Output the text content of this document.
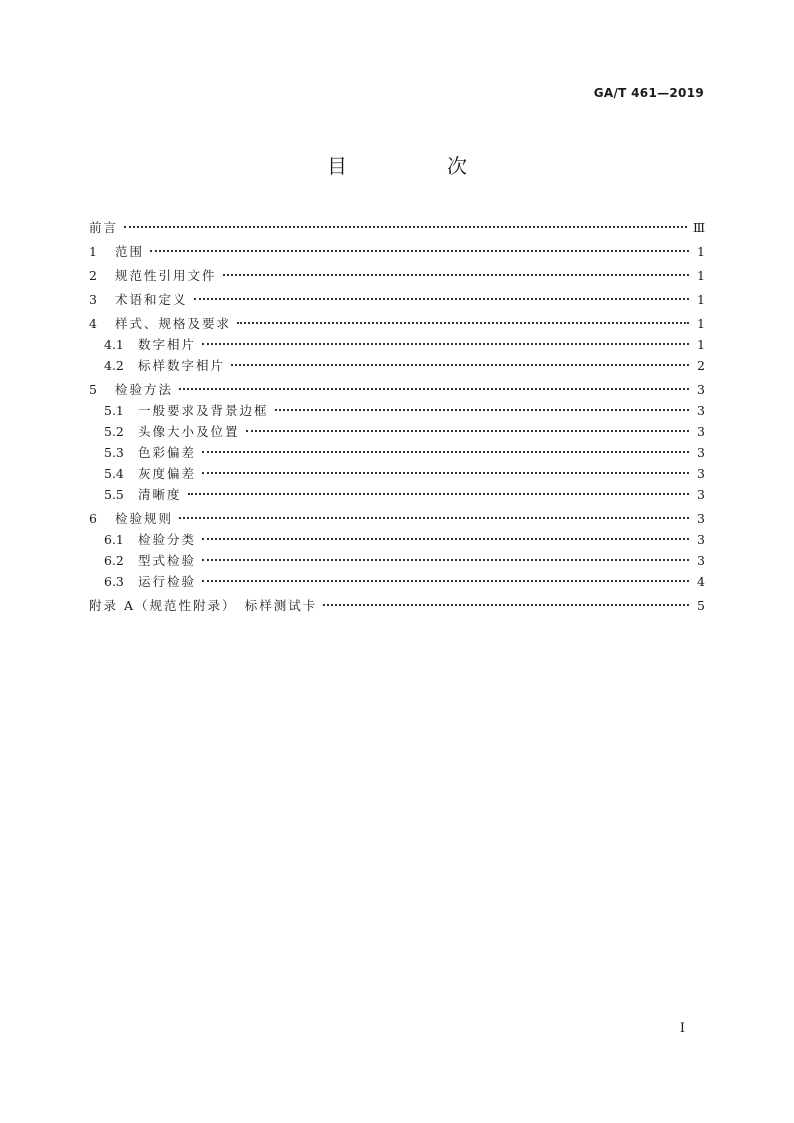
GA/T 461—2019
目　次
前言	Ⅲ
1	范围	1
2	规范性引用文件	1
3	术语和定义	1
4	样式、规格及要求	1
4.1	数字相片	1
4.2	标样数字相片	2
5	检验方法	3
5.1	一般要求及背景边框	3
5.2	头像大小及位置	3
5.3	色彩偏差	3
5.4	灰度偏差	3
5.5	清晰度	3
6	检验规则	3
6.1	检验分类	3
6.2	型式检验	3
6.3	运行检验	4
附录 A（规范性附录）　标样测试卡	5
I
